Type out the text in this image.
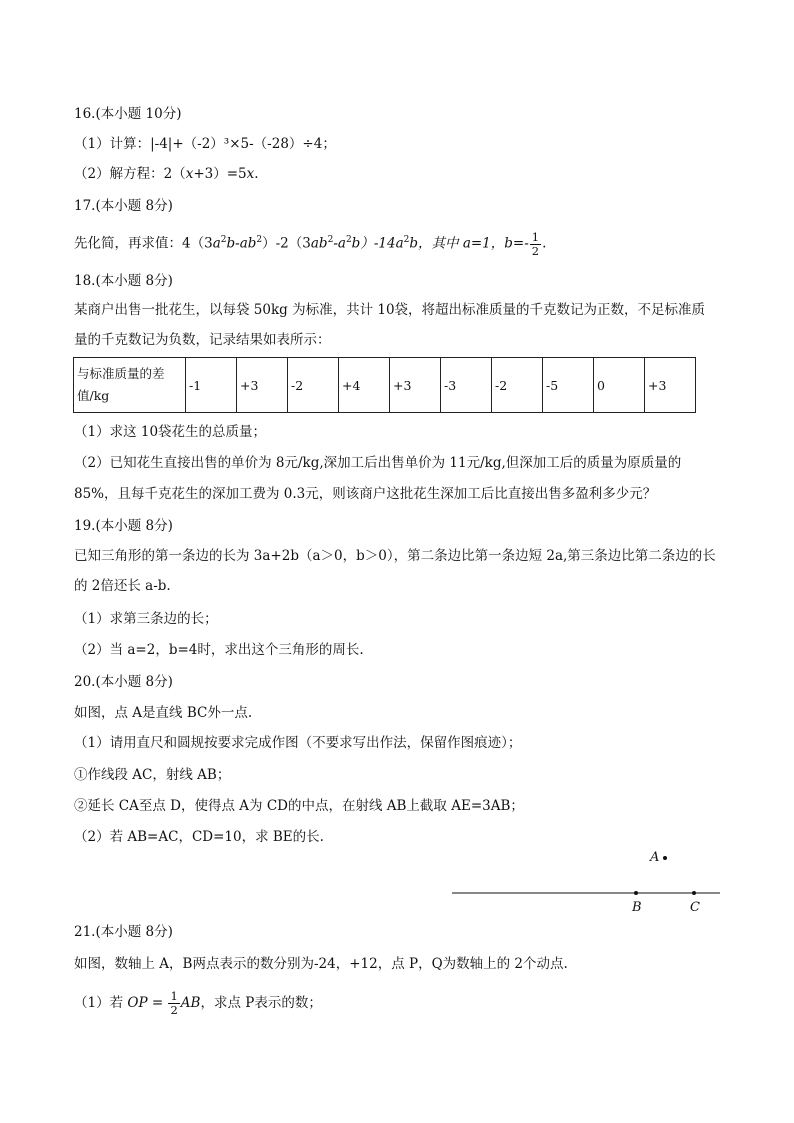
16.(本小题 10分)
（1）计算：|-4|+（-2）³×5-（-28）÷4；
（2）解方程：2（x+3）=5x.
17.(本小题 8分)
先化简，再求值：$4(3a^2b-ab^2)-2(3ab^2-a^2b)-14a^2b$，其中 a=1，$b=- \frac{1}{2}$ .
18.(本小题 8分)
某商户出售一批花生，以每袋 50kg 为标准，共计 10袋，将超出标准质量的千克数记为正数，不足标准质
量的千克数记为负数，记录结果如表所示：
与标准质量的差
值/kg	-1	+3	-2	+4	+3	-3	-2	-5	0	+3
（1）求这 10袋花生的总质量；
（2）已知花生直接出售的单价为 8元/kg,深加工后出售单价为 11元/kg,但深加工后的质量为原质量的
85%，且每千克花生的深加工费为 0.3元，则该商户这批花生深加工后比直接出售多盈利多少元？
19.(本小题 8分)
已知三角形的第一条边的长为 3a+2b（a＞0，b＞0），第二条边比第一条边短 2a,第三条边比第二条边的长
的 2倍还长 a-b.
（1）求第三条边的长；
（2）当 a=2，b=4时，求出这个三角形的周长.
20.(本小题 8分)
如图，点 A是直线 BC外一点.
（1）请用直尺和圆规按要求完成作图（不要求写出作法，保留作图痕迹）；
①作线段 AC，射线 AB；
②延长 CA至点 D，使得点 A为 CD的中点，在射线 AB上截取 AE=3AB；
（2）若 AB=AC，CD=10，求 BE的长.
A
B	C
21.(本小题 8分)
如图，数轴上 A，B两点表示的数分别为-24，+12，点 P，Q为数轴上的 2个动点.
（1）若 OP = $\frac{1}{2}$ AB，求点 P表示的数；
